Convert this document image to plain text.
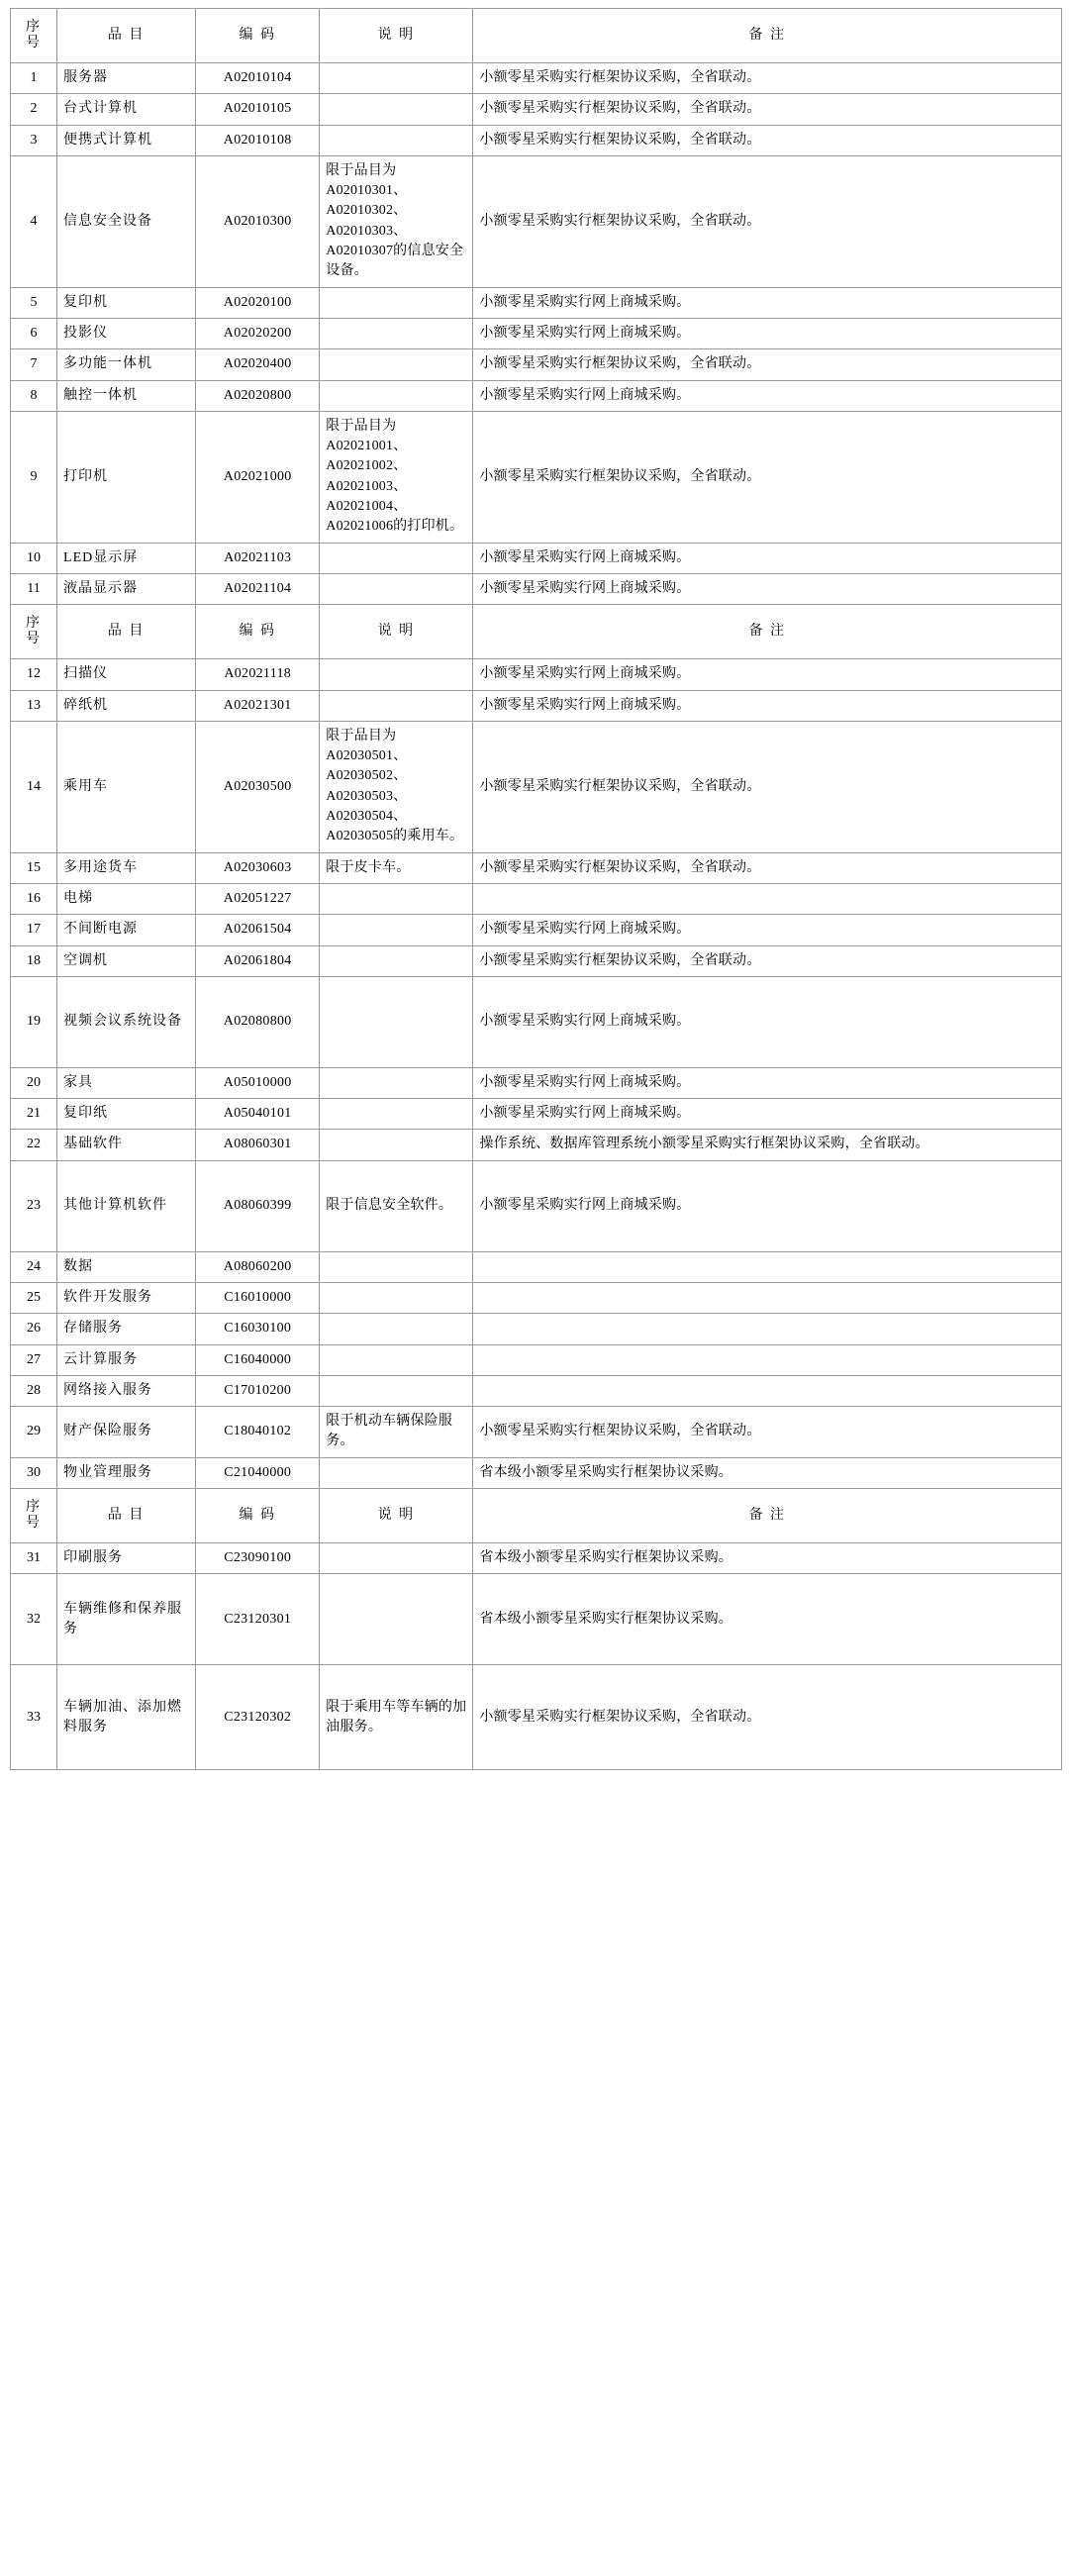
序
号	品 目	编 码	说 明	备 注
1	服务器	A02010104		小额零星采购实行框架协议采购，全省联动。
2	台式计算机	A02010105		小额零星采购实行框架协议采购，全省联动。
3	便携式计算机	A02010108		小额零星采购实行框架协议采购，全省联动。
4	信息安全设备	A02010300	限于品目为A02010301、A02010302、A02010303、A02010307的信息安全设备。	小额零星采购实行框架协议采购，全省联动。
5	复印机	A02020100		小额零星采购实行网上商城采购。
6	投影仪	A02020200		小额零星采购实行网上商城采购。
7	多功能一体机	A02020400		小额零星采购实行框架协议采购，全省联动。
8	触控一体机	A02020800		小额零星采购实行网上商城采购。
9	打印机	A02021000	限于品目为A02021001、A02021002、A02021003、A02021004、A02021006的打印机。	小额零星采购实行框架协议采购，全省联动。
10	LED显示屏	A02021103		小额零星采购实行网上商城采购。
11	液晶显示器	A02021104		小额零星采购实行网上商城采购。

序
号	品 目	编 码	说 明	备 注
12	扫描仪	A02021118		小额零星采购实行网上商城采购。
13	碎纸机	A02021301		小额零星采购实行网上商城采购。
14	乘用车	A02030500	限于品目为A02030501、A02030502、A02030503、A02030504、A02030505的乘用车。	小额零星采购实行框架协议采购，全省联动。
15	多用途货车	A02030603	限于皮卡车。	小额零星采购实行框架协议采购，全省联动。
16	电梯	A02051227		
17	不间断电源	A02061504		小额零星采购实行网上商城采购。
18	空调机	A02061804		小额零星采购实行框架协议采购，全省联动。
19	视频会议系统设备	A02080800		小额零星采购实行网上商城采购。
20	家具	A05010000		小额零星采购实行网上商城采购。
21	复印纸	A05040101		小额零星采购实行网上商城采购。
22	基础软件	A08060301		操作系统、数据库管理系统小额零星采购实行框架协议采购，全省联动。
23	其他计算机软件	A08060399	限于信息安全软件。	小额零星采购实行网上商城采购。
24	数据	A08060200		
25	软件开发服务	C16010000		
26	存储服务	C16030100		
27	云计算服务	C16040000		
28	网络接入服务	C17010200		
29	财产保险服务	C18040102	限于机动车辆保险服务。	小额零星采购实行框架协议采购，全省联动。
30	物业管理服务	C21040000		省本级小额零星采购实行框架协议采购。

序
号	品 目	编 码	说 明	备 注
31	印刷服务	C23090100		省本级小额零星采购实行框架协议采购。
32	车辆维修和保养服务	C23120301		省本级小额零星采购实行框架协议采购。
33	车辆加油、添加燃料服务	C23120302	限于乘用车等车辆的加油服务。	小额零星采购实行框架协议采购，全省联动。
